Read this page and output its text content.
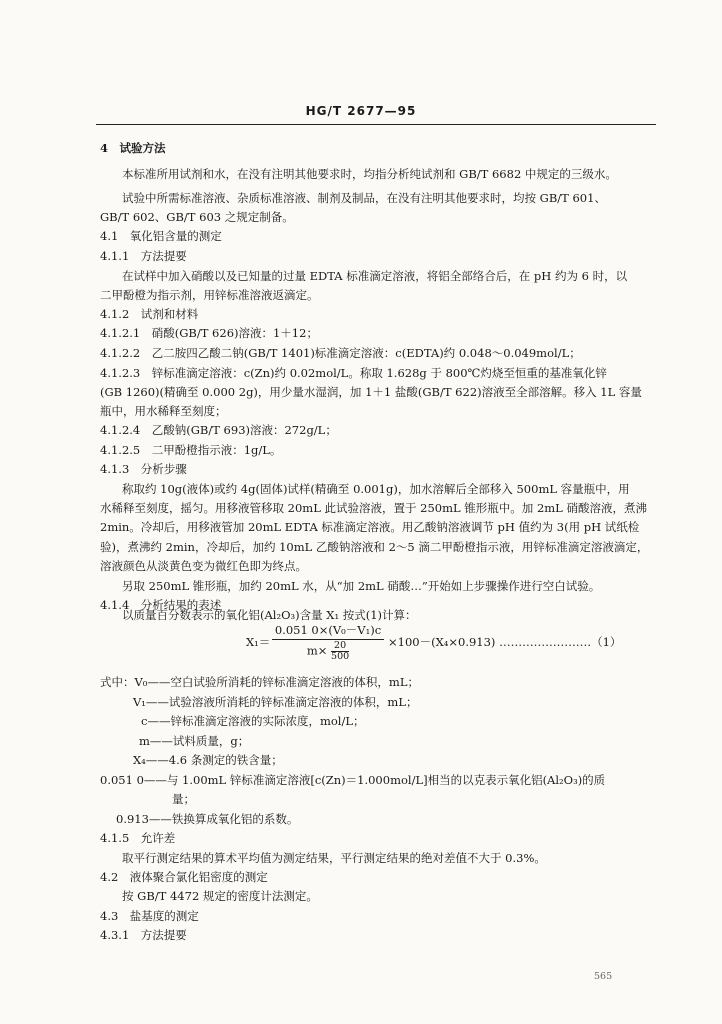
HG/T 2677—95
4　试验方法
本标准所用试剂和水，在没有注明其他要求时，均指分析纯试剂和 GB/T 6682 中规定的三级水。
试验中所需标准溶液、杂质标准溶液、制剂及制品，在没有注明其他要求时，均按 GB/T 601、
GB/T 602、GB/T 603 之规定制备。
4.1　氧化铝含量的测定
4.1.1　方法提要
在试样中加入硝酸以及已知量的过量 EDTA 标准滴定溶液，将铝全部络合后，在 pH 约为 6 时，以
二甲酚橙为指示剂，用锌标准溶液返滴定。
4.1.2　试剂和材料
4.1.2.1　硝酸(GB/T 626)溶液：1＋12；
4.1.2.2　乙二胺四乙酸二钠(GB/T 1401)标准滴定溶液：c(EDTA)约 0.048～0.049mol/L；
4.1.2.3　锌标准滴定溶液：c(Zn)约 0.02mol/L。称取 1.628g 于 800℃灼烧至恒重的基准氧化锌
(GB 1260)(精确至 0.000 2g)，用少量水湿润，加 1＋1 盐酸(GB/T 622)溶液至全部溶解。移入 1L 容量
瓶中，用水稀释至刻度；
4.1.2.4　乙酸钠(GB/T 693)溶液：272g/L；
4.1.2.5　二甲酚橙指示液：1g/L。
4.1.3　分析步骤
称取约 10g(液体)或约 4g(固体)试样(精确至 0.001g)，加水溶解后全部移入 500mL 容量瓶中，用
水稀释至刻度，摇匀。用移液管移取 20mL 此试验溶液，置于 250mL 锥形瓶中。加 2mL 硝酸溶液，煮沸
2min。冷却后，用移液管加 20mL EDTA 标准滴定溶液。用乙酸钠溶液调节 pH 值约为 3(用 pH 试纸检
验)，煮沸约 2min，冷却后，加约 10mL 乙酸钠溶液和 2～5 滴二甲酚橙指示液，用锌标准滴定溶液滴定，
溶液颜色从淡黄色变为微红色即为终点。
另取 250mL 锥形瓶，加约 20mL 水，从“加 2mL 硝酸…”开始如上步骤操作进行空白试验。
4.1.4　分析结果的表述
以质量百分数表示的氧化铝(Al₂O₃)含量 X₁ 按式(1)计算：
$X_1= \frac{\text{0.051 0×(V₀－V₁)c}}{m\times \frac{20}{500}} \times 100-(X_4\times 0.913)$ ……………………（1）
式中：V₀——空白试验所消耗的锌标准滴定溶液的体积，mL；
V₁——试验溶液所消耗的锌标准滴定溶液的体积，mL；
c——锌标准滴定溶液的实际浓度，mol/L；
m——试料质量，g；
X₄——4.6 条测定的铁含量；
0.051 0——与 1.00mL 锌标准滴定溶液[c(Zn)＝1.000mol/L]相当的以克表示氧化铝(Al₂O₃)的质
量；
0.913——铁换算成氧化铝的系数。
4.1.5　允许差
取平行测定结果的算术平均值为测定结果，平行测定结果的绝对差值不大于 0.3%。
4.2　液体聚合氯化铝密度的测定
按 GB/T 4472 规定的密度计法测定。
4.3　盐基度的测定
4.3.1　方法提要
565
